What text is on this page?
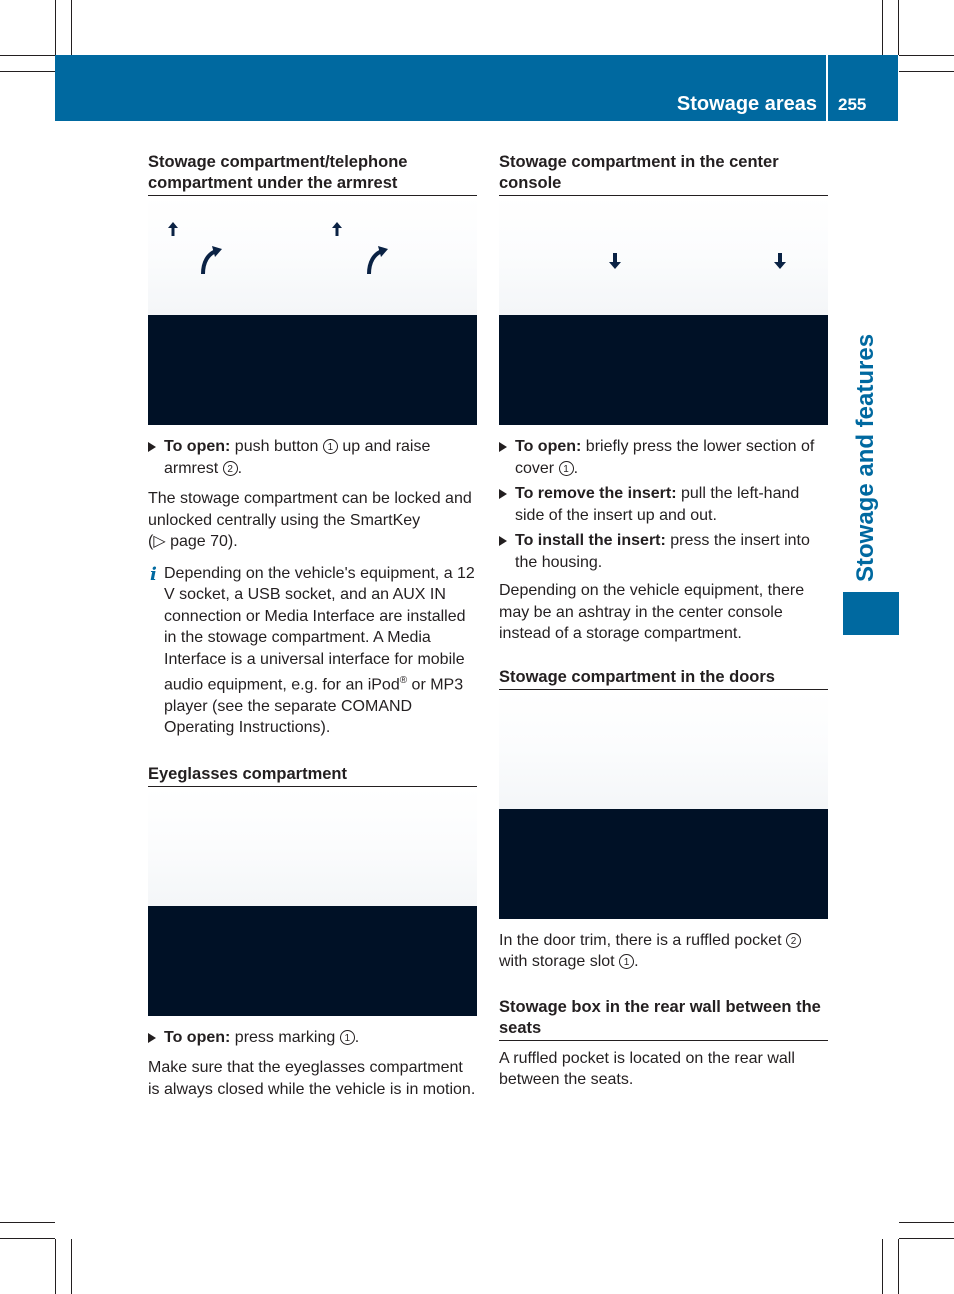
Stowage areas 255
Stowage and features
Stowage compartment/telephone compartment under the armrest

To open: push button 1 up and raise armrest 2 .

The stowage compartment can be locked and unlocked centrally using the SmartKey
(▷ page 70).

i Depending on the vehicle's equipment, a 12 V socket, a USB socket, and an AUX IN connection or Media Interface are installed in the stowage compartment. A Media Interface is a universal interface for mobile audio equipment, e.g. for an iPod® or MP3 player (see the separate COMAND Operating Instructions).

Eyeglasses compartment

To open: press marking 1 .

Make sure that the eyeglasses compartment is always closed while the vehicle is in motion.

Stowage compartment in the center console

To open: briefly press the lower section of cover 1 .

To remove the insert: pull the left-hand side of the insert up and out.

To install the insert: press the insert into the housing.

Depending on the vehicle equipment, there may be an ashtray in the center console instead of a storage compartment.

Stowage compartment in the doors

In the door trim, there is a ruffled pocket 2 with storage slot 1 .

Stowage box in the rear wall between the seats

A ruffled pocket is located on the rear wall between the seats.
